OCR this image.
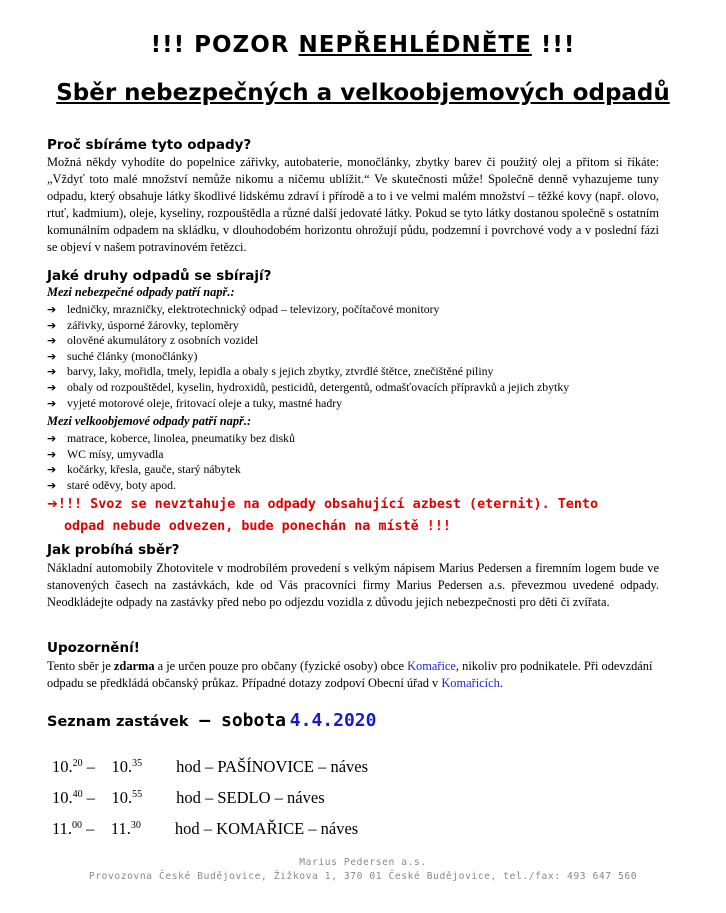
!!! POZOR NEPŘEHLÉDNĚTE !!!
Sběr nebezpečných a velkoobjemových odpadů
Proč sbíráme tyto odpady?
Možná někdy vyhodíte do popelnice zářivky, autobaterie, monočlánky, zbytky barev či použitý olej a přitom si říkáte: „Vždyť toto malé množství nemůže nikomu a ničemu ublížit.“ Ve skutečnosti může! Společně denně vyhazujeme tuny odpadu, který obsahuje látky škodlivé lidskému zdraví i přírodě a to i ve velmi malém množství – těžké kovy (např. olovo, rtuť, kadmium), oleje, kyseliny, rozpouštědla a různé další jedovaté látky. Pokud se tyto látky dostanou společně s ostatním komunálním odpadem na skládku, v dlouhodobém horizontu ohrožují půdu, podzemní i povrchové vody a v poslední fázi se objeví v našem potravinovém řetězci.
Jaké druhy odpadů se sbírají?
Mezi nebezpečné odpady patří např.:
➔ ledničky, mrazničky, elektrotechnický odpad – televizory, počítačové monitory
➔ zářivky, úsporné žárovky, teploměry
➔ olověné akumulátory z osobních vozidel
➔ suché články (monočlánky)
➔ barvy, laky, mořidla, tmely, lepidla a obaly s jejich zbytky, ztvrdlé štětce, znečištěné piliny
➔ obaly od rozpouštědel, kyselin, hydroxidů, pesticidů, detergentů, odmašťovacích přípravků a jejich zbytky
➔ vyjeté motorové oleje, fritovací oleje a tuky, mastné hadry
Mezi velkoobjemové odpady patří např.:
➔ matrace, koberce, linolea, pneumatiky bez disků
➔ WC mísy, umyvadla
➔ kočárky, křesla, gauče, starý nábytek
➔ staré oděvy, boty apod.
➔!!! Svoz se nevztahuje na odpady obsahující azbest (eternit). Tento
odpad nebude odvezen, bude ponechán na místě !!!
Jak probíhá sběr?
Nákladní automobily Zhotovitele v modrobílém provedení s velkým nápisem Marius Pedersen a firemním logem bude ve stanovených časech na zastávkách, kde od Vás pracovníci firmy Marius Pedersen a.s. převezmou uvedené odpady. Neodkládejte odpady na zastávky před nebo po odjezdu vozidla z důvodu jejich nebezpečnosti pro děti či zvířata.
Upozornění!
Tento sběr je zdarma a je určen pouze pro občany (fyzické osoby) obce Komařice, nikoliv pro podnikatele. Při odevzdání odpadu se předkládá občanský průkaz. Případné dotazy zodpoví Obecní úřad v Komařicích.
Seznam zastávek – sobota 4.4.2020
10.20 –    10.35 hod – PAŠÍNOVICE – náves
10.40 –    10.55 hod – SEDLO – náves
11.00 –    11.30 hod – KOMAŘICE – náves
Marius Pedersen a.s.
Provozovna České Budějovice, Žižkova 1, 370 01 České Budějovice, tel./fax: 493 647 560
